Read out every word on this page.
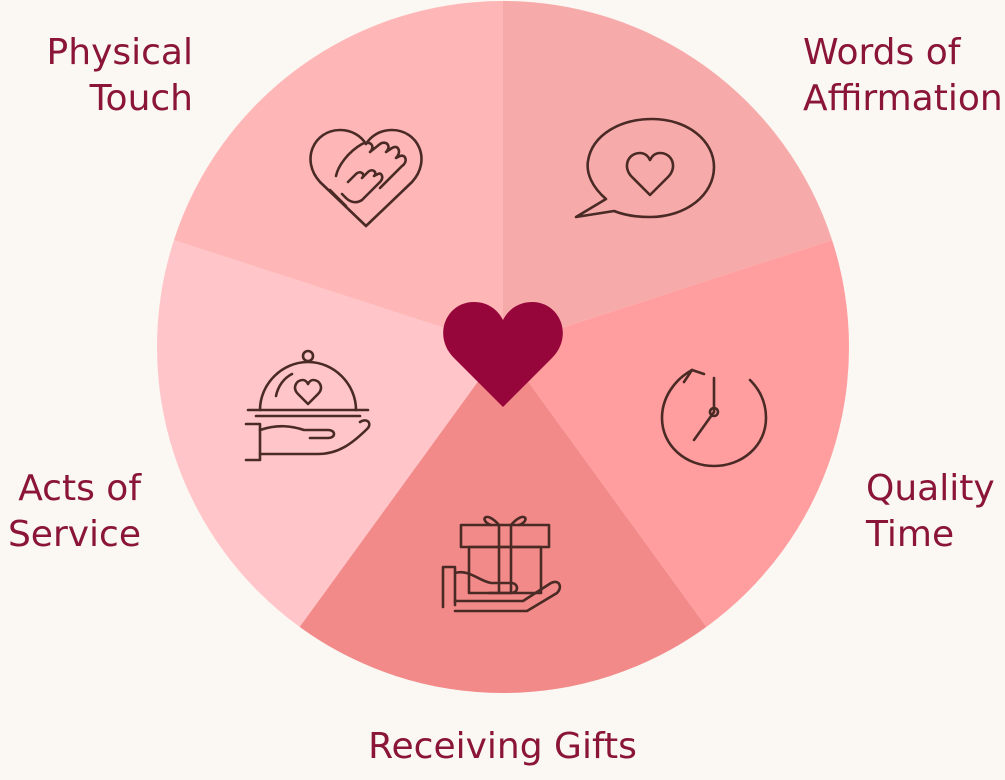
Physical
Touch
Words of
Affirmation
Quality
Time
Acts of
Service
Receiving Gifts
